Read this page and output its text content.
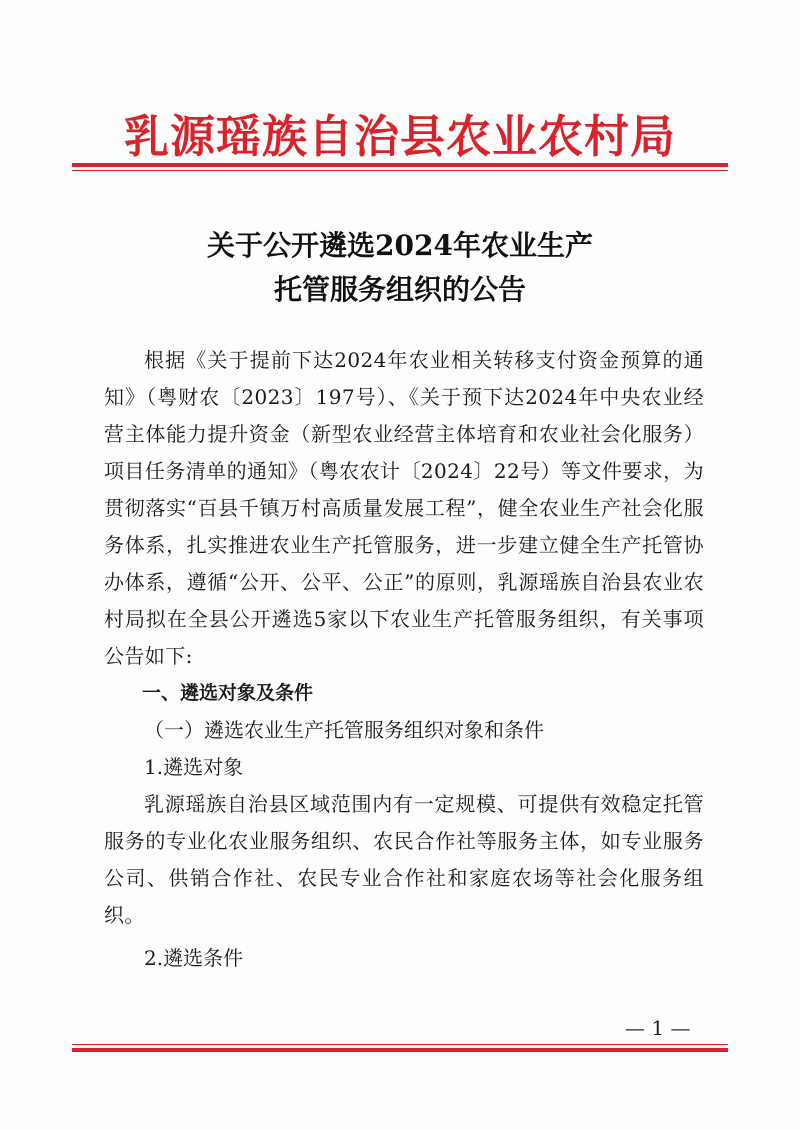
乳源瑶族自治县农业农村局
关于公开遴选2024年农业生产
托管服务组织的公告

根据《关于提前下达2024年农业相关转移支付资金预算的通知》（粤财农〔2023〕197号）、《关于预下达2024年中央农业经营主体能力提升资金（新型农业经营主体培育和农业社会化服务）项目任务清单的通知》（粤农农计〔2024〕22号）等文件要求，为贯彻落实“百县千镇万村高质量发展工程”，健全农业生产社会化服务体系，扎实推进农业生产托管服务，进一步建立健全生产托管协办体系，遵循“公开、公平、公正”的原则，乳源瑶族自治县农业农村局拟在全县公开遴选5家以下农业生产托管服务组织，有关事项公告如下:

一、遴选对象及条件

（一）遴选农业生产托管服务组织对象和条件

1.遴选对象

乳源瑶族自治县区域范围内有一定规模、可提供有效稳定托管服务的专业化农业服务组织、农民合作社等服务主体，如专业服务公司、供销合作社、农民专业合作社和家庭农场等社会化服务组织。

2.遴选条件

— 1 —
